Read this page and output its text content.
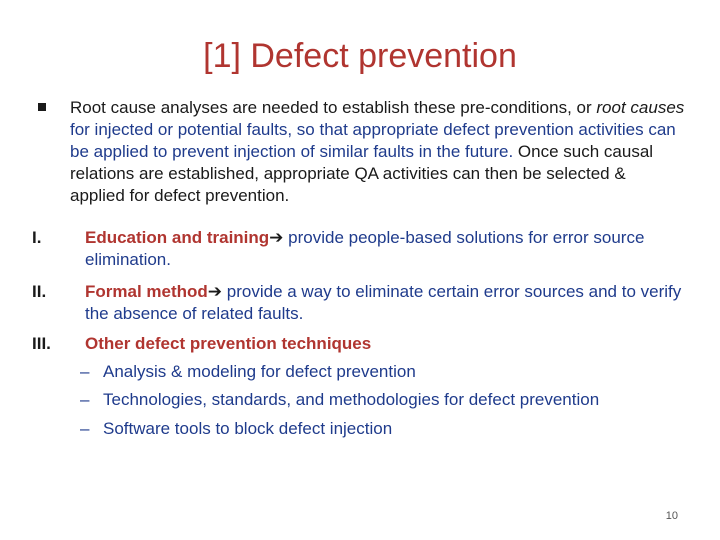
[1] Defect prevention
Root cause analyses are needed to establish these pre-conditions, or root causes for injected or potential faults, so that appropriate defect prevention activities can be applied to prevent injection of similar faults in the future. Once such causal relations are established, appropriate QA activities can then be selected & applied for defect prevention.
I.	Education and training➔ provide people-based solutions for error source elimination.
II. Formal method➔ provide a way to eliminate certain error sources and to verify the absence of related faults.
III. Other defect prevention techniques
– Analysis & modeling for defect prevention
– Technologies, standards, and methodologies for defect prevention
– Software tools to block defect injection
10
